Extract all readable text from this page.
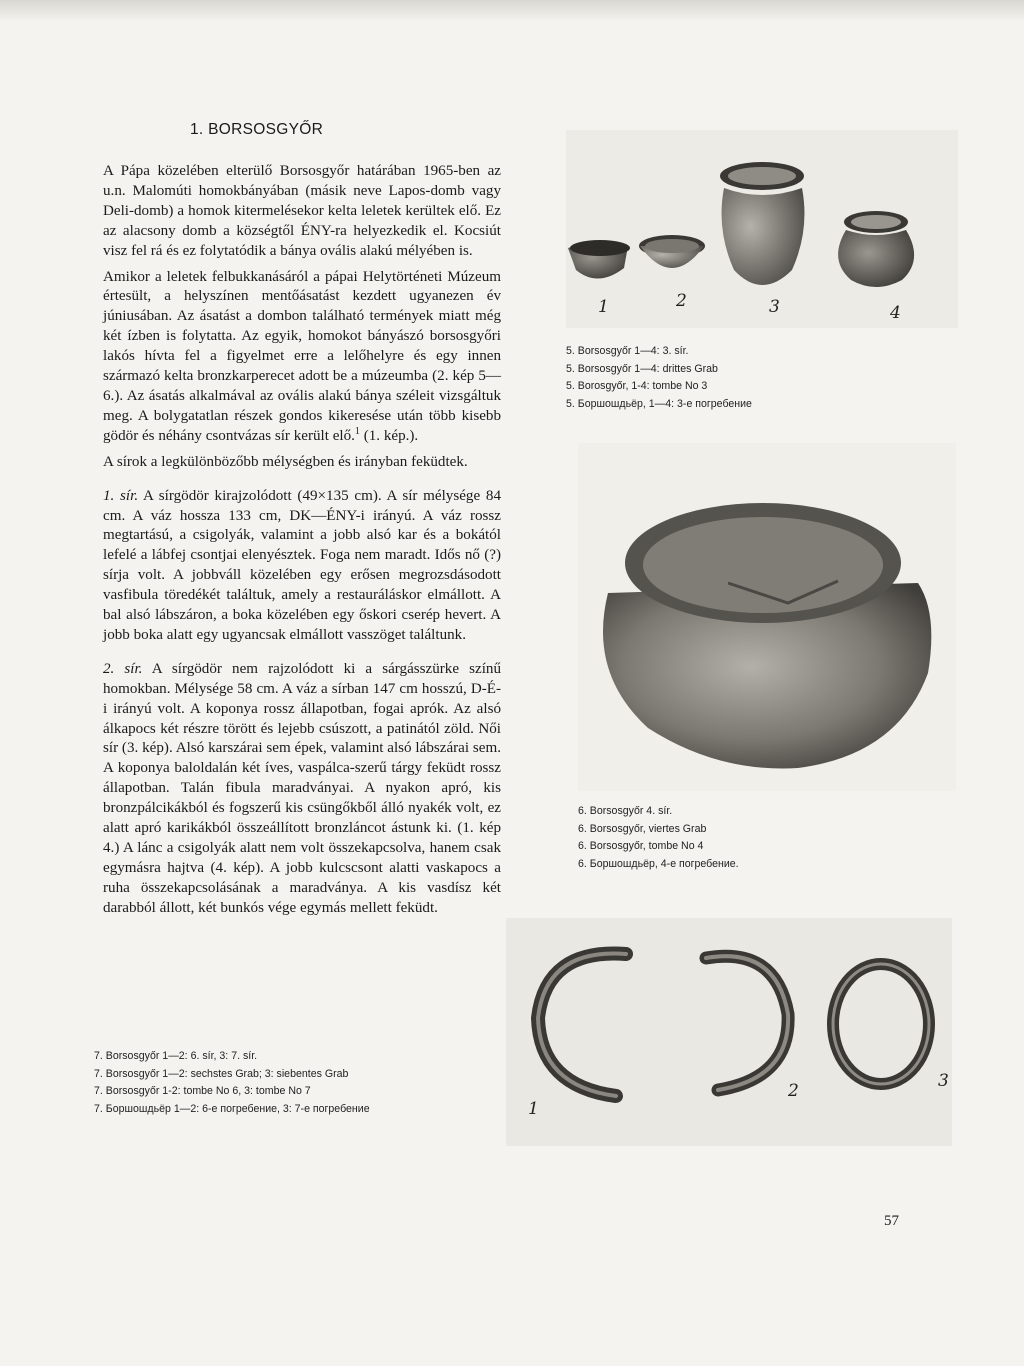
1. BORSOSGYŐR

A Pápa közelében elterülő Borsosgyőr határában 1965-ben az u.n. Malomúti homokbányában (másik neve Lapos-domb vagy Deli-domb) a homok kitermelésekor kelta leletek kerültek elő. Ez az alacsony domb a községtől ÉNY-ra helyezkedik el. Kocsiút visz fel rá és ez folytatódik a bánya ovális alakú mélyében is.

Amikor a leletek felbukkanásáról a pápai Helytörténeti Múzeum értesült, a helyszínen mentőásatást kezdett ugyanezen év júniusában. Az ásatást a dombon található termények miatt még két ízben is folytatta. Az egyik, homokot bányászó borsosgyőri lakós hívta fel a figyelmet erre a lelőhelyre és egy innen származó kelta bronzkarperecet adott be a múzeumba (2. kép 5—6.). Az ásatás alkalmával az ovális alakú bánya széleit vizsgáltuk meg. A bolygatatlan részek gondos kikeresése után több kisebb gödör és néhány csontvázas sír került elő.$^1$ (1. kép.).

A sírok a legkülönbözőbb mélységben és irányban feküdtek.

1. sír. A sírgödör kirajzolódott (49×135 cm). A sír mélysége 84 cm. A váz hossza 133 cm, DK—ÉNY-i irányú. A váz rossz megtartású, a csigolyák, valamint a jobb alsó kar és a bokától lefelé a lábfej csontjai elenyésztek. Foga nem maradt. Idős nő (?) sírja volt. A jobbváll közelében egy erősen megrozsdásodott vasfibula töredékét találtuk, amely a restauráláskor elmállott. A bal alsó lábszáron, a boka közelében egy őskori cserép hevert. A jobb boka alatt egy ugyancsak elmállott vasszöget találtunk.

2. sír. A sírgödör nem rajzolódott ki a sárgásszürke színű homokban. Mélysége 58 cm. A váz a sírban 147 cm hosszú, D-É-i irányú volt. A koponya rossz állapotban, fogai aprók. Az alsó álkapocs két részre törött és lejebb csúszott, a patinától zöld. Női sír (3. kép). Alsó karszárai sem épek, valamint alsó lábszárai sem. A koponya baloldalán két íves, vaspálca-szerű tárgy feküdt rossz állapotban. Talán fibula maradványai. A nyakon apró, kis bronzpálcikákból és fogszerű kis csüngőkből álló nyakék volt, ez alatt apró karikákból összeállított bronzláncot ástunk ki. (1. kép 4.) A lánc a csigolyák alatt nem volt összekapcsolva, hanem csak egymásra hajtva (4. kép). A jobb kulcscsont alatti vaskapocs a ruha összekapcsolásának a maradványa. A kis vasdísz két darabból állott, két bunkós vége egymás mellett feküdt.

1	2	3	4
5. Borsosgyőr 1—4: 3. sír.
5. Borsosgyőr 1—4: drittes Grab
5. Borosgyőr, 1-4: tombe No 3
5. Боршошдьёр, 1—4: 3-е погребение
6. Borsosgyőr 4. sír.
6. Borsosgyőr, viertes Grab
6. Borsosgyőr, tombe No 4
6. Боршошдьёр, 4-е погребение.
1
2	3
7. Borsosgyőr 1—2: 6. sír, 3: 7. sír.
7. Borsosgyőr 1—2: sechstes Grab; 3: siebentes Grab
7. Borsosgyőr 1-2: tombe No 6, 3: tombe No 7
7. Боршошдьёр 1—2: 6-е погребение, 3: 7-е погребение
57
